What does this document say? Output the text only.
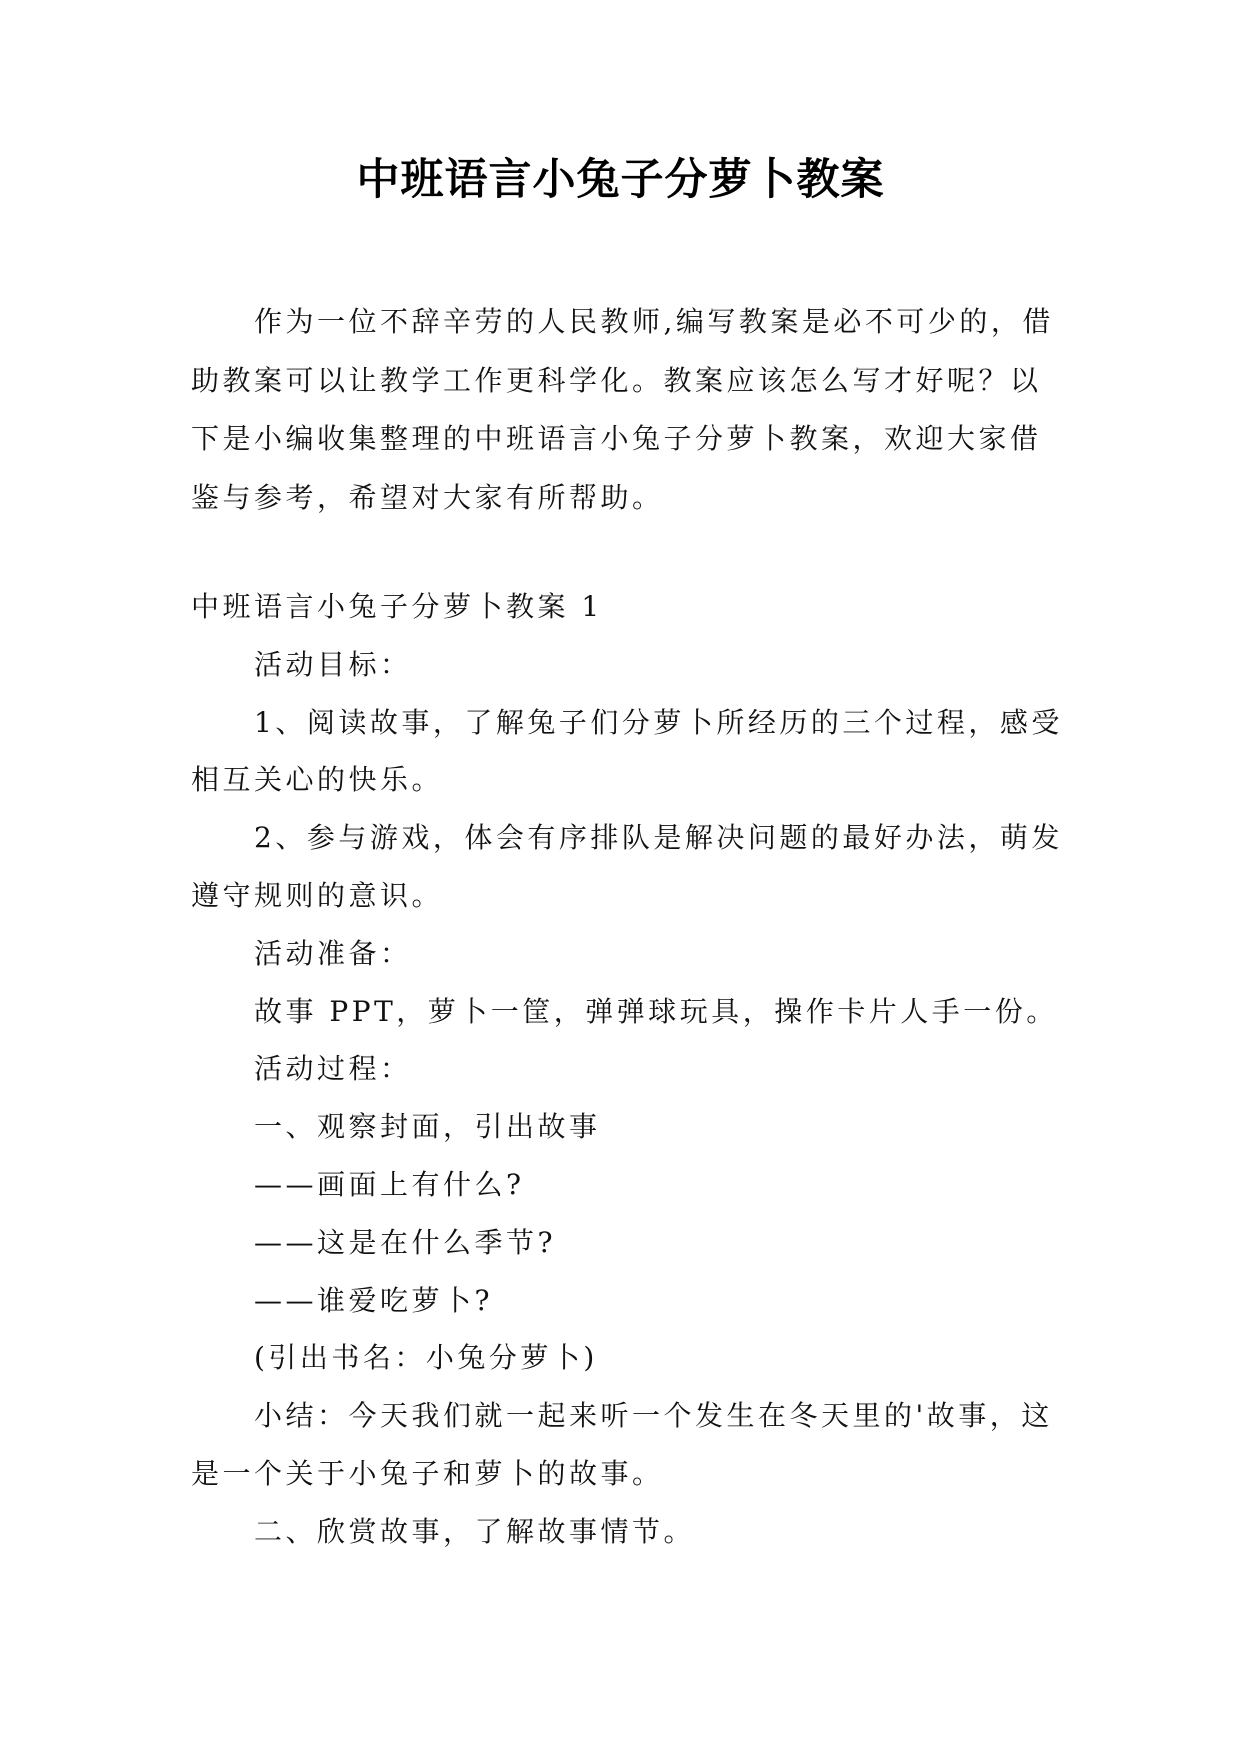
中班语言小兔子分萝卜教案

作为一位不辞辛劳的人民教师,编写教案是必不可少的，借助教案可以让教学工作更科学化。教案应该怎么写才好呢？以下是小编收集整理的中班语言小兔子分萝卜教案，欢迎大家借鉴与参考，希望对大家有所帮助。

中班语言小兔子分萝卜教案 1

活动目标：

1、阅读故事，了解兔子们分萝卜所经历的三个过程，感受相互关心的快乐。

2、参与游戏，体会有序排队是解决问题的最好办法，萌发遵守规则的意识。

活动准备：

故事 PPT，萝卜一筐，弹弹球玩具，操作卡片人手一份。

活动过程：

一、观察封面，引出故事

——画面上有什么?

——这是在什么季节?

——谁爱吃萝卜?

(引出书名：小兔分萝卜)

小结：今天我们就一起来听一个发生在冬天里的'故事，这是一个关于小兔子和萝卜的故事。

二、欣赏故事，了解故事情节。
